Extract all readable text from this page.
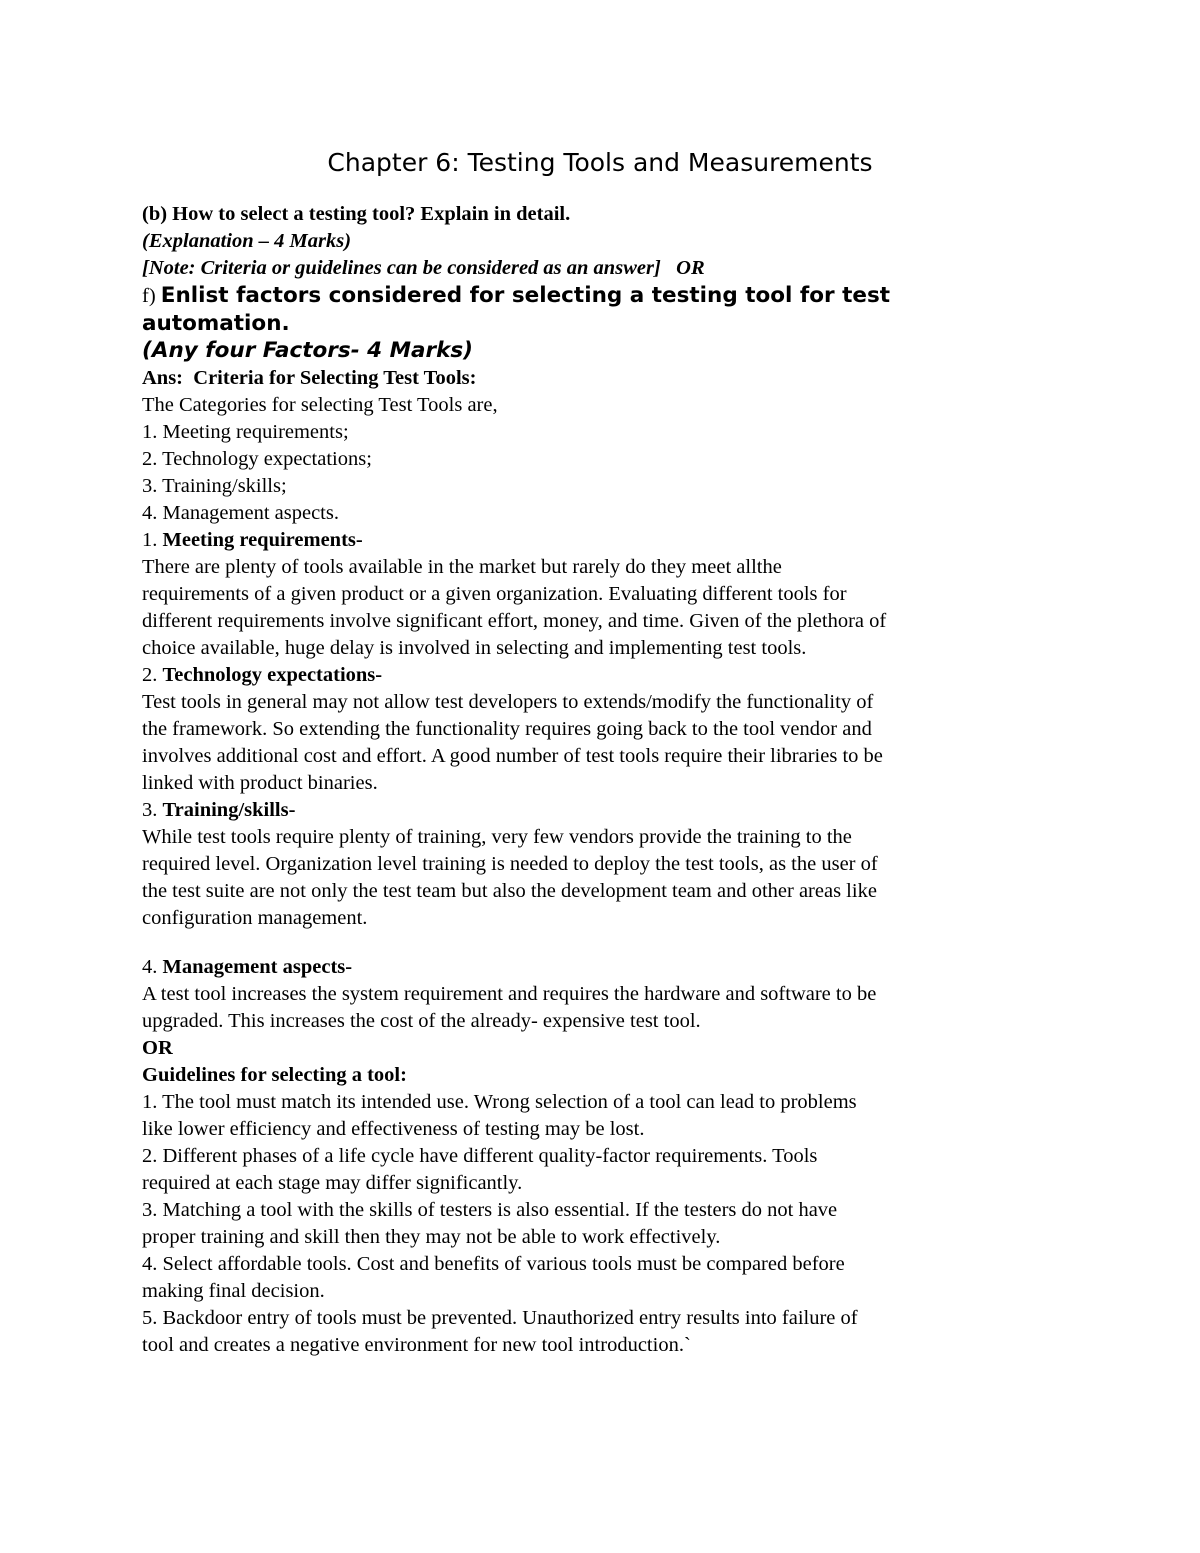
Chapter 6: Testing Tools and Measurements

(b) How to select a testing tool? Explain in detail.

(Explanation – 4 Marks)

[Note: Criteria or guidelines can be considered as an answer] OR

f) Enlist factors considered for selecting a testing tool for test

automation.

(Any four Factors- 4 Marks)

Ans: Criteria for Selecting Test Tools:

The Categories for selecting Test Tools are,

1. Meeting requirements;

2. Technology expectations;

3. Training/skills;

4. Management aspects.

1. Meeting requirements-

There are plenty of tools available in the market but rarely do they meet allthe

requirements of a given product or a given organization. Evaluating different tools for

different requirements involve significant effort, money, and time. Given of the plethora of

choice available, huge delay is involved in selecting and implementing test tools.

2. Technology expectations-

Test tools in general may not allow test developers to extends/modify the functionality of

the framework. So extending the functionality requires going back to the tool vendor and

involves additional cost and effort. A good number of test tools require their libraries to be

linked with product binaries.

3. Training/skills-

While test tools require plenty of training, very few vendors provide the training to the

required level. Organization level training is needed to deploy the test tools, as the user of

the test suite are not only the test team but also the development team and other areas like

configuration management.

4. Management aspects-

A test tool increases the system requirement and requires the hardware and software to be

upgraded. This increases the cost of the already- expensive test tool.

OR

Guidelines for selecting a tool:

1. The tool must match its intended use. Wrong selection of a tool can lead to problems

like lower efficiency and effectiveness of testing may be lost.

2. Different phases of a life cycle have different quality-factor requirements. Tools

required at each stage may differ significantly.

3. Matching a tool with the skills of testers is also essential. If the testers do not have

proper training and skill then they may not be able to work effectively.

4. Select affordable tools. Cost and benefits of various tools must be compared before

making final decision.

5. Backdoor entry of tools must be prevented. Unauthorized entry results into failure of

tool and creates a negative environment for new tool introduction.`
